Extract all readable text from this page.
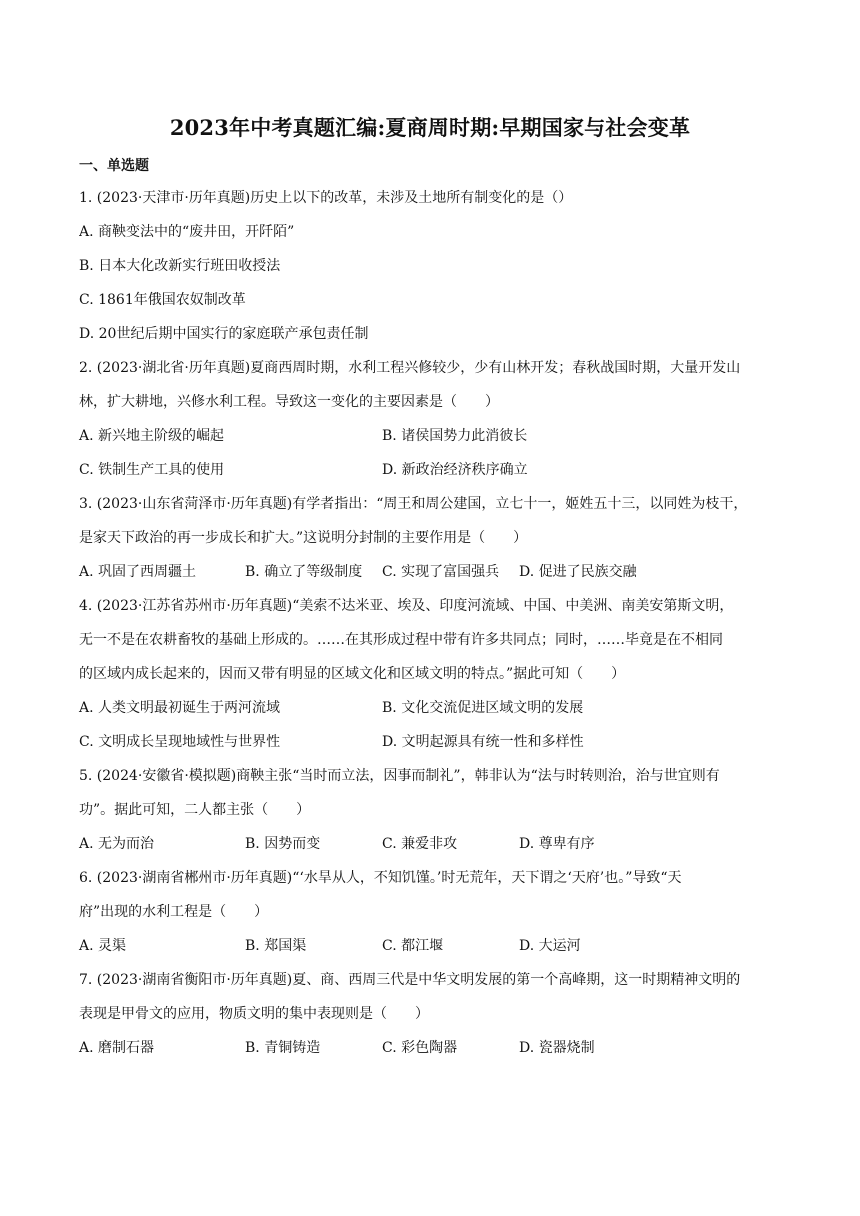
2023年中考真题汇编:夏商周时期:早期国家与社会变革
一、单选题
1. (2023·天津市·历年真题)历史上以下的改革，未涉及土地所有制变化的是（）
A. 商鞅变法中的“废井田，开阡陌”
B. 日本大化改新实行班田收授法
C. 1861年俄国农奴制改革
D. 20世纪后期中国实行的家庭联产承包责任制
2. (2023·湖北省·历年真题)夏商西周时期，水利工程兴修较少，少有山林开发；春秋战国时期，大量开发山
林，扩大耕地，兴修水利工程。导致这一变化的主要因素是（　　）
A. 新兴地主阶级的崛起	B. 诸侯国势力此消彼长
C. 铁制生产工具的使用	D. 新政治经济秩序确立
3. (2023·山东省菏泽市·历年真题)有学者指出：“周王和周公建国，立七十一，姬姓五十三，以同姓为枝干，
是家天下政治的再一步成长和扩大。”这说明分封制的主要作用是（　　）
A. 巩固了西周疆土	B. 确立了等级制度 C. 实现了富国强兵 D. 促进了民族交融
4. (2023·江苏省苏州市·历年真题)“美索不达米亚、埃及、印度河流域、中国、中美洲、南美安第斯文明，
无一不是在农耕畜牧的基础上形成的。……在其形成过程中带有许多共同点；同时，……毕竟是在不相同
的区域内成长起来的，因而又带有明显的区域文化和区域文明的特点。”据此可知（　　）
A. 人类文明最初诞生于两河流域	B. 文化交流促进区域文明的发展
C. 文明成长呈现地域性与世界性	D. 文明起源具有统一性和多样性
5. (2024·安徽省·模拟题)商鞅主张“当时而立法，因事而制礼”，韩非认为“法与时转则治，治与世宜则有
功”。据此可知，二人都主张（　　）
A. 无为而治	B. 因势而变	C. 兼爱非攻	D. 尊卑有序
6. (2023·湖南省郴州市·历年真题)“‘水旱从人，不知饥馑。’时无荒年，天下谓之‘天府’也。”导致“天
府”出现的水利工程是（　　）
A. 灵渠	B. 郑国渠	C. 都江堰	D. 大运河
7. (2023·湖南省衡阳市·历年真题)夏、商、西周三代是中华文明发展的第一个高峰期，这一时期精神文明的
表现是甲骨文的应用，物质文明的集中表现则是（　　）
A. 磨制石器	B. 青铜铸造	C. 彩色陶器	D. 瓷器烧制
